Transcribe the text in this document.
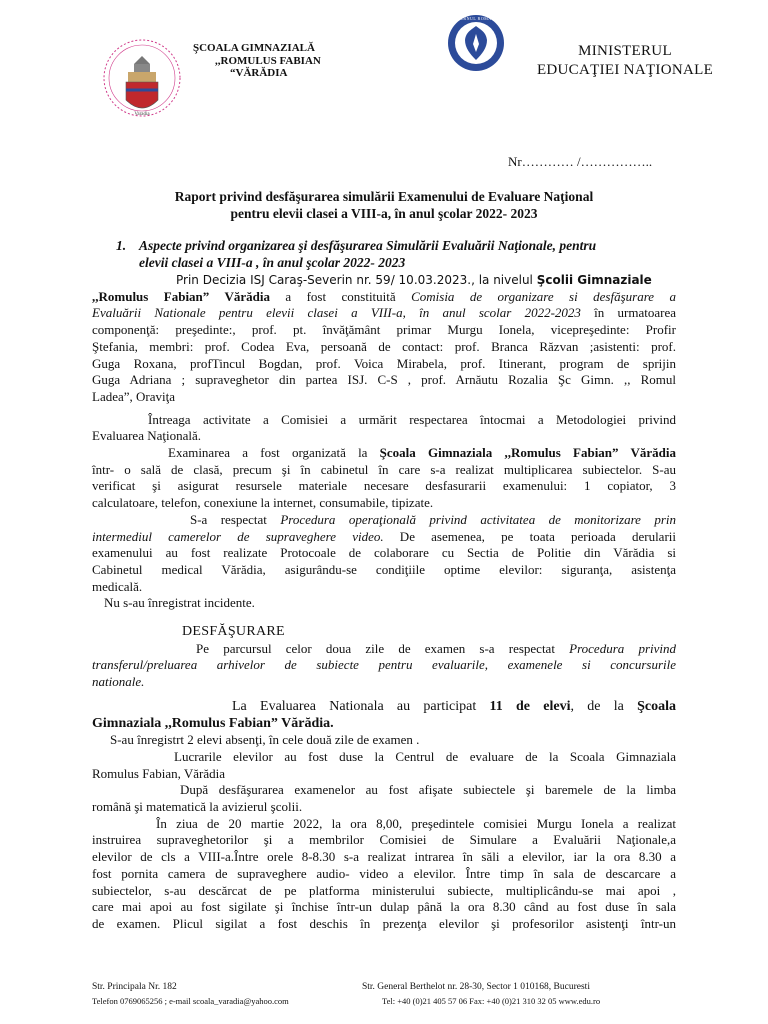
Varadia
ŞCOALA GIMNAZIALĂ
,,ROMULUS FABIAN
“VĂRĂDIA
GUVERNUL ROMÂNIEI
MINISTERUL
EDUCAŢIEI NAŢIONALE
Nr………… /……………..
Raport privind desfăşurarea simulării Examenului de Evaluare Naţional
pentru elevii clasei a VIII-a, în anul şcolar 2022- 2023
1. Aspecte privind organizarea şi desfăşurarea Simulării Evaluării Naţionale, pentru
elevii clasei a VIII-a , în anul şcolar 2022- 2023
Prin Decizia ISJ Caraş-Severin nr. 59/ 10.03.2023., la nivelul Şcolii Gimnaziale
,,Romulus Fabian” Vărădia a fost constituită Comisia de organizare si desfăşurare a
Evaluării Nationale pentru elevii clasei a VIII-a, în anul scolar 2022-2023 în urmatoarea
componenţă: preşedinte:, prof. pt. învăţământ primar Murgu Ionela, vicepreşedinte: Profir
Ştefania, membri: prof. Codea Eva, persoană de contact: prof. Branca Răzvan ;asistenti: prof.
Guga Roxana, profTincul Bogdan, prof. Voica Mirabela, prof. Itinerant, program de sprijin
Guga Adriana ; supraveghetor din partea ISJ. C-S , prof. Arnăutu Rozalia Şc Gimn. ,, Romul
Ladea”, Oraviţa
Întreaga activitate a Comisiei a urmărit respectarea întocmai a Metodologiei privind
Evaluarea Naţională.
Examinarea a fost organizată la Şcoala Gimnaziala ,,Romulus Fabian” Vărădia
într- o sală de clasă, precum şi în cabinetul în care s-a realizat multiplicarea subiectelor. S-au
verificat şi asigurat resursele materiale necesare desfasurarii examenului: 1 copiator, 3
calculatoare, telefon, conexiune la internet, consumabile, tipizate.
S-a respectat Procedura operaţională privind activitatea de monitorizare prin
intermediul camerelor de supraveghere video. De asemenea, pe toata perioada derularii
examenului au fost realizate Protocoale de colaborare cu Sectia de Politie din Vărădia si
Cabinetul medical Vărădia, asigurându-se condiţiile optime elevilor: siguranţa, asistenţa
medicală.
Nu s-au înregistrat incidente.
DESFĂŞURARE
Pe parcursul celor doua zile de examen s-a respectat Procedura privind
transferul/preluarea arhivelor de subiecte pentru evaluarile, examenele si concursurile
nationale.
La Evaluarea Nationala au participat 11 de elevi, de la Şcoala
Gimnaziala ,,Romulus Fabian” Vărădia.
S-au înregistrt 2 elevi absenţi, în cele două zile de examen .
Lucrarile elevilor au fost duse la Centrul de evaluare de la Scoala Gimnaziala
Romulus Fabian, Vărădia
După desfăşurarea examenelor au fost afişate subiectele şi baremele de la limba
română şi matematică la avizierul şcolii.
În ziua de 20 martie 2022, la ora 8,00, preşedintele comisiei Murgu Ionela a realizat
instruirea supraveghetorilor şi a membrilor Comisiei de Simulare a Evaluării Naţionale,a
elevilor de cls a VIII-a.Între orele 8-8.30 s-a realizat intrarea în săli a elevilor, iar la ora 8.30 a
fost pornita camera de supraveghere audio- video a elevilor. Între timp în sala de descarcare a
subiectelor, s-au descărcat de pe platforma ministerului subiecte, multiplicându-se mai apoi ,
care mai apoi au fost sigilate şi închise într-un dulap până la ora 8.30 când au fost duse în sala
de examen. Plicul sigilat a fost deschis în prezenţa elevilor şi profesorilor asistenţi într-un
Str. Principala Nr. 182
Telefon 0769065256 ; e-mail scoala_varadia@yahoo.com
Str. General Berthelot nr. 28-30, Sector 1 010168, Bucuresti
Tel: +40 (0)21 405 57 06 Fax: +40 (0)21 310 32 05 www.edu.ro
